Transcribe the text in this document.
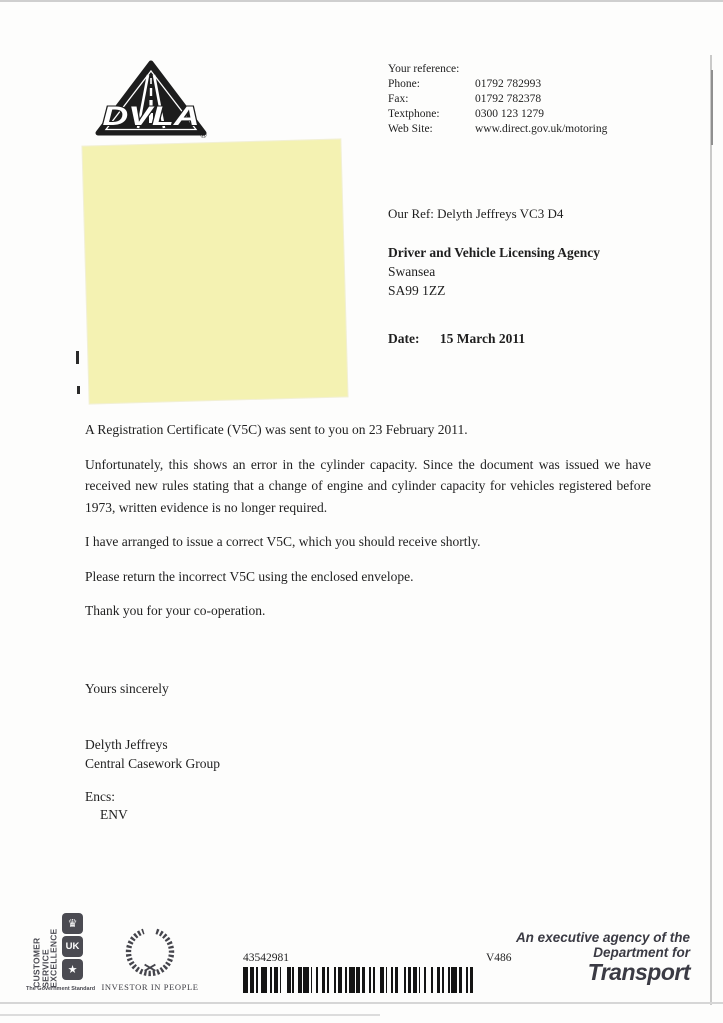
DVLA
®
Your reference:
Phone:	01792 782993
Fax:	01792 782378
Textphone:	0300 123 1279
Web Site:	www.direct.gov.uk/motoring
Our Ref: Delyth Jeffreys VC3 D4
Driver and Vehicle Licensing Agency
Swansea
SA99 1ZZ
Date: 15 March 2011

A Registration Certificate (V5C) was sent to you on 23 February 2011.

Unfortunately, this shows an error in the cylinder capacity. Since the document was issued we have received new rules stating that a change of engine and cylinder capacity for vehicles registered before 1973, written evidence is no longer required.

I have arranged to issue a correct V5C, which you should receive shortly.

Please return the incorrect V5C using the enclosed envelope.

Thank you for your co-operation.

Yours sincerely
Delyth Jeffreys
Central Casework Group
Encs:
ENV
CUSTOMER
SERVICE
EXCELLENCE
♛
UK
★
The Government Standard INVESTOR IN PEOPLE
43542981	V486
An executive agency of the
Department for
Transport
